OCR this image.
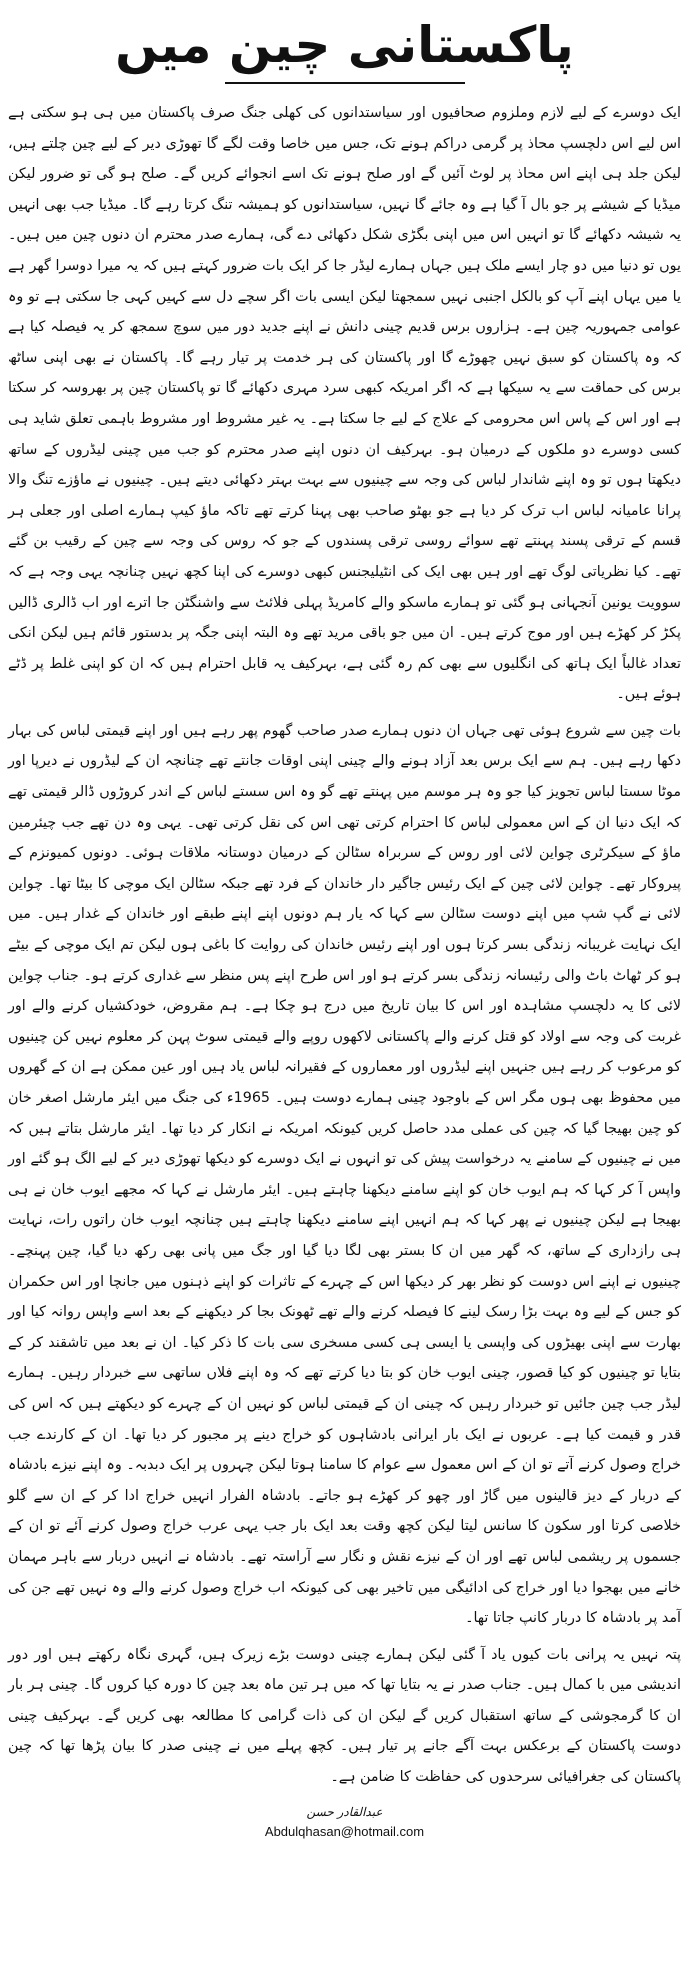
پاکستانی چین میں

ایک دوسرے کے لیے لازم وملزوم صحافیوں اور سیاستدانوں کی کھلی جنگ صرف پاکستان میں ہی ہو سکتی ہے اس لیے اس دلچسپ محاذ پر گرمی دراکم ہونے تک، جس میں خاصا وقت لگے گا تھوڑی دیر کے لیے چین چلتے ہیں، لیکن جلد ہی اپنے اس محاذ پر لوٹ آئیں گے اور صلح ہونے تک اسے انجوائے کریں گے۔ صلح ہو گی تو ضرور لیکن میڈیا کے شیشے پر جو بال آ گیا ہے وہ جائے گا نہیں، سیاستدانوں کو ہمیشہ تنگ کرتا رہے گا۔ میڈیا جب بھی انہیں یہ شیشہ دکھائے گا تو انہیں اس میں اپنی بگڑی شکل دکھائی دے گی، ہمارے صدر محترم ان دنوں چین میں ہیں۔ یوں تو دنیا میں دو چار ایسے ملک ہیں جہاں ہمارے لیڈر جا کر ایک بات ضرور کہتے ہیں کہ یہ میرا دوسرا گھر ہے یا میں یہاں اپنے آپ کو بالکل اجنبی نہیں سمجھتا لیکن ایسی بات اگر سچے دل سے کہیں کہی جا سکتی ہے تو وہ عوامی جمہوریہ چین ہے۔ ہزاروں برس قدیم چینی دانش نے اپنے جدید دور میں سوچ سمجھ کر یہ فیصلہ کیا ہے کہ وہ پاکستان کو سبق نہیں چھوڑے گا اور پاکستان کی ہر خدمت پر تیار رہے گا۔ پاکستان نے بھی اپنی ساٹھ برس کی حماقت سے یہ سیکھا ہے کہ اگر امریکہ کبھی سرد مہری دکھائے گا تو پاکستان چین پر بھروسہ کر سکتا ہے اور اس کے پاس اس محرومی کے علاج کے لیے جا سکتا ہے۔ یہ غیر مشروط اور مشروط باہمی تعلق شاید ہی کسی دوسرے دو ملکوں کے درمیان ہو۔ بہرکیف ان دنوں اپنے صدر محترم کو جب میں چینی لیڈروں کے ساتھ دیکھتا ہوں تو وہ اپنے شاندار لباس کی وجہ سے چینیوں سے بہت بہتر دکھائی دیتے ہیں۔ چینیوں نے ماؤزے تنگ والا پرانا عامیانہ لباس اب ترک کر دیا ہے جو بھٹو صاحب بھی پہنا کرتے تھے تاکہ ماؤ کیپ ہمارے اصلی اور جعلی ہر قسم کے ترقی پسند پہنتے تھے سوائے روسی ترقی پسندوں کے جو کہ روس کی وجہ سے چین کے رقیب بن گئے تھے۔ کیا نظریاتی لوگ تھے اور ہیں بھی ایک کی انٹیلیجنس کبھی دوسرے کی اپنا کچھ نہیں چنانچہ یہی وجہ ہے کہ سوویت یونین آنجہانی ہو گئی تو ہمارے ماسکو والے کامریڈ پہلی فلائٹ سے واشنگٹن جا اترے اور اب ڈالری ڈالیں پکڑ کر کھڑے ہیں اور موج کرتے ہیں۔ ان میں جو باقی مرید تھے وہ البتہ اپنی جگہ پر بدستور قائم ہیں لیکن انکی تعداد غالباً ایک ہاتھ کی انگلیوں سے بھی کم رہ گئی ہے، بہرکیف یہ قابل احترام ہیں کہ ان کو اپنی غلط پر ڈٹے ہوئے ہیں۔

بات چین سے شروع ہوئی تھی جہاں ان دنوں ہمارے صدر صاحب گھوم پھر رہے ہیں اور اپنے قیمتی لباس کی بہار دکھا رہے ہیں۔ ہم سے ایک برس بعد آزاد ہونے والے چینی اپنی اوقات جانتے تھے چنانچہ ان کے لیڈروں نے دیرپا اور موٹا سستا لباس تجویز کیا جو وہ ہر موسم میں پہنتے تھے گو وہ اس سستے لباس کے اندر کروڑوں ڈالر قیمتی تھے کہ ایک دنیا ان کے اس معمولی لباس کا احترام کرتی تھی اس کی نقل کرتی تھی۔ یہی وہ دن تھے جب چیئرمین ماؤ کے سیکرٹری چواین لائی اور روس کے سربراہ سٹالن کے درمیان دوستانہ ملاقات ہوئی۔ دونوں کمیونزم کے پیروکار تھے۔ چواین لائی چین کے ایک رئیس جاگیر دار خاندان کے فرد تھے جبکہ سٹالن ایک موچی کا بیٹا تھا۔ چواین لائی نے گپ شپ میں اپنے دوست سٹالن سے کہا کہ یار ہم دونوں اپنے اپنے طبقے اور خاندان کے غدار ہیں۔ میں ایک نہایت غریبانہ زندگی بسر کرتا ہوں اور اپنے رئیس خاندان کی روایت کا باغی ہوں لیکن تم ایک موچی کے بیٹے ہو کر ٹھاٹ باٹ والی رئیسانہ زندگی بسر کرتے ہو اور اس طرح اپنے پس منظر سے غداری کرتے ہو۔ جناب چواین لائی کا یہ دلچسپ مشاہدہ اور اس کا بیان تاریخ میں درج ہو چکا ہے۔ ہم مقروض، خودکشیاں کرنے والے اور غربت کی وجہ سے اولاد کو قتل کرنے والے پاکستانی لاکھوں روپے والے قیمتی سوٹ پہن کر معلوم نہیں کن چینیوں کو مرعوب کر رہے ہیں جنہیں اپنے لیڈروں اور معماروں کے فقیرانہ لباس یاد ہیں اور عین ممکن ہے ان کے گھروں میں محفوظ بھی ہوں مگر اس کے باوجود چینی ہمارے دوست ہیں۔ 1965ء کی جنگ میں ایئر مارشل اصغر خان کو چین بھیجا گیا کہ چین کی عملی مدد حاصل کریں کیونکہ امریکہ نے انکار کر دیا تھا۔ ایئر مارشل بتاتے ہیں کہ میں نے چینیوں کے سامنے یہ درخواست پیش کی تو انہوں نے ایک دوسرے کو دیکھا تھوڑی دیر کے لیے الگ ہو گئے اور واپس آ کر کہا کہ ہم ایوب خان کو اپنے سامنے دیکھنا چاہتے ہیں۔ ایئر مارشل نے کہا کہ مجھے ایوب خان نے ہی بھیجا ہے لیکن چینیوں نے پھر کہا کہ ہم انہیں اپنے سامنے دیکھنا چاہتے ہیں چنانچہ ایوب خان راتوں رات، نہایت ہی رازداری کے ساتھ، کہ گھر میں ان کا بستر بھی لگا دیا گیا اور جگ میں پانی بھی رکھ دیا گیا، چین پہنچے۔ چینیوں نے اپنے اس دوست کو نظر بھر کر دیکھا اس کے چہرے کے تاثرات کو اپنے ذہنوں میں جانچا اور اس حکمران کو جس کے لیے وہ بہت بڑا رسک لینے کا فیصلہ کرنے والے تھے ٹھونک بجا کر دیکھنے کے بعد اسے واپس روانہ کیا اور بھارت سے اپنی بھیڑوں کی واپسی یا ایسی ہی کسی مسخری سی بات کا ذکر کیا۔ ان نے بعد میں تاشقند کر کے بتایا تو چینیوں کو کیا قصور، چینی ایوب خان کو بتا دیا کرتے تھے کہ وہ اپنے فلاں ساتھی سے خبردار رہیں۔ ہمارے لیڈر جب چین جائیں تو خبردار رہیں کہ چینی ان کے قیمتی لباس کو نہیں ان کے چہرے کو دیکھتے ہیں کہ اس کی قدر و قیمت کیا ہے۔ عربوں نے ایک بار ایرانی بادشاہوں کو خراج دینے پر مجبور کر دیا تھا۔ ان کے کارندے جب خراج وصول کرنے آتے تو ان کے اس معمول سے عوام کا سامنا ہوتا لیکن چہروں پر ایک دبدبہ۔ وہ اپنے نیزے بادشاہ کے دربار کے دیز قالینوں میں گاڑ اور چھو کر کھڑے ہو جاتے۔ بادشاہ الفرار انہیں خراج ادا کر کے ان سے گلو خلاصی کرتا اور سکون کا سانس لیتا لیکن کچھ وقت بعد ایک بار جب یہی عرب خراج وصول کرنے آئے تو ان کے جسموں پر ریشمی لباس تھے اور ان کے نیزے نقش و نگار سے آراستہ تھے۔ بادشاہ نے انہیں دربار سے باہر مہمان خانے میں بھجوا دیا اور خراج کی ادائیگی میں تاخیر بھی کی کیونکہ اب خراج وصول کرنے والے وہ نہیں تھے جن کی آمد پر بادشاہ کا دربار کانپ جاتا تھا۔

پتہ نہیں یہ پرانی بات کیوں یاد آ گئی لیکن ہمارے چینی دوست بڑے زیرک ہیں، گہری نگاہ رکھتے ہیں اور دور اندیشی میں با کمال ہیں۔ جناب صدر نے یہ بتایا تھا کہ میں ہر تین ماہ بعد چین کا دورہ کیا کروں گا۔ چینی ہر بار ان کا گرمجوشی کے ساتھ استقبال کریں گے لیکن ان کی ذات گرامی کا مطالعہ بھی کریں گے۔ بہرکیف چینی دوست پاکستان کے برعکس بہت آگے جانے پر تیار ہیں۔ کچھ پہلے میں نے چینی صدر کا بیان پڑھا تھا کہ چین پاکستان کی جغرافیائی سرحدوں کی حفاظت کا ضامن ہے۔

عبدالقادر حسن
Abdulqhasan@hotmail.com
